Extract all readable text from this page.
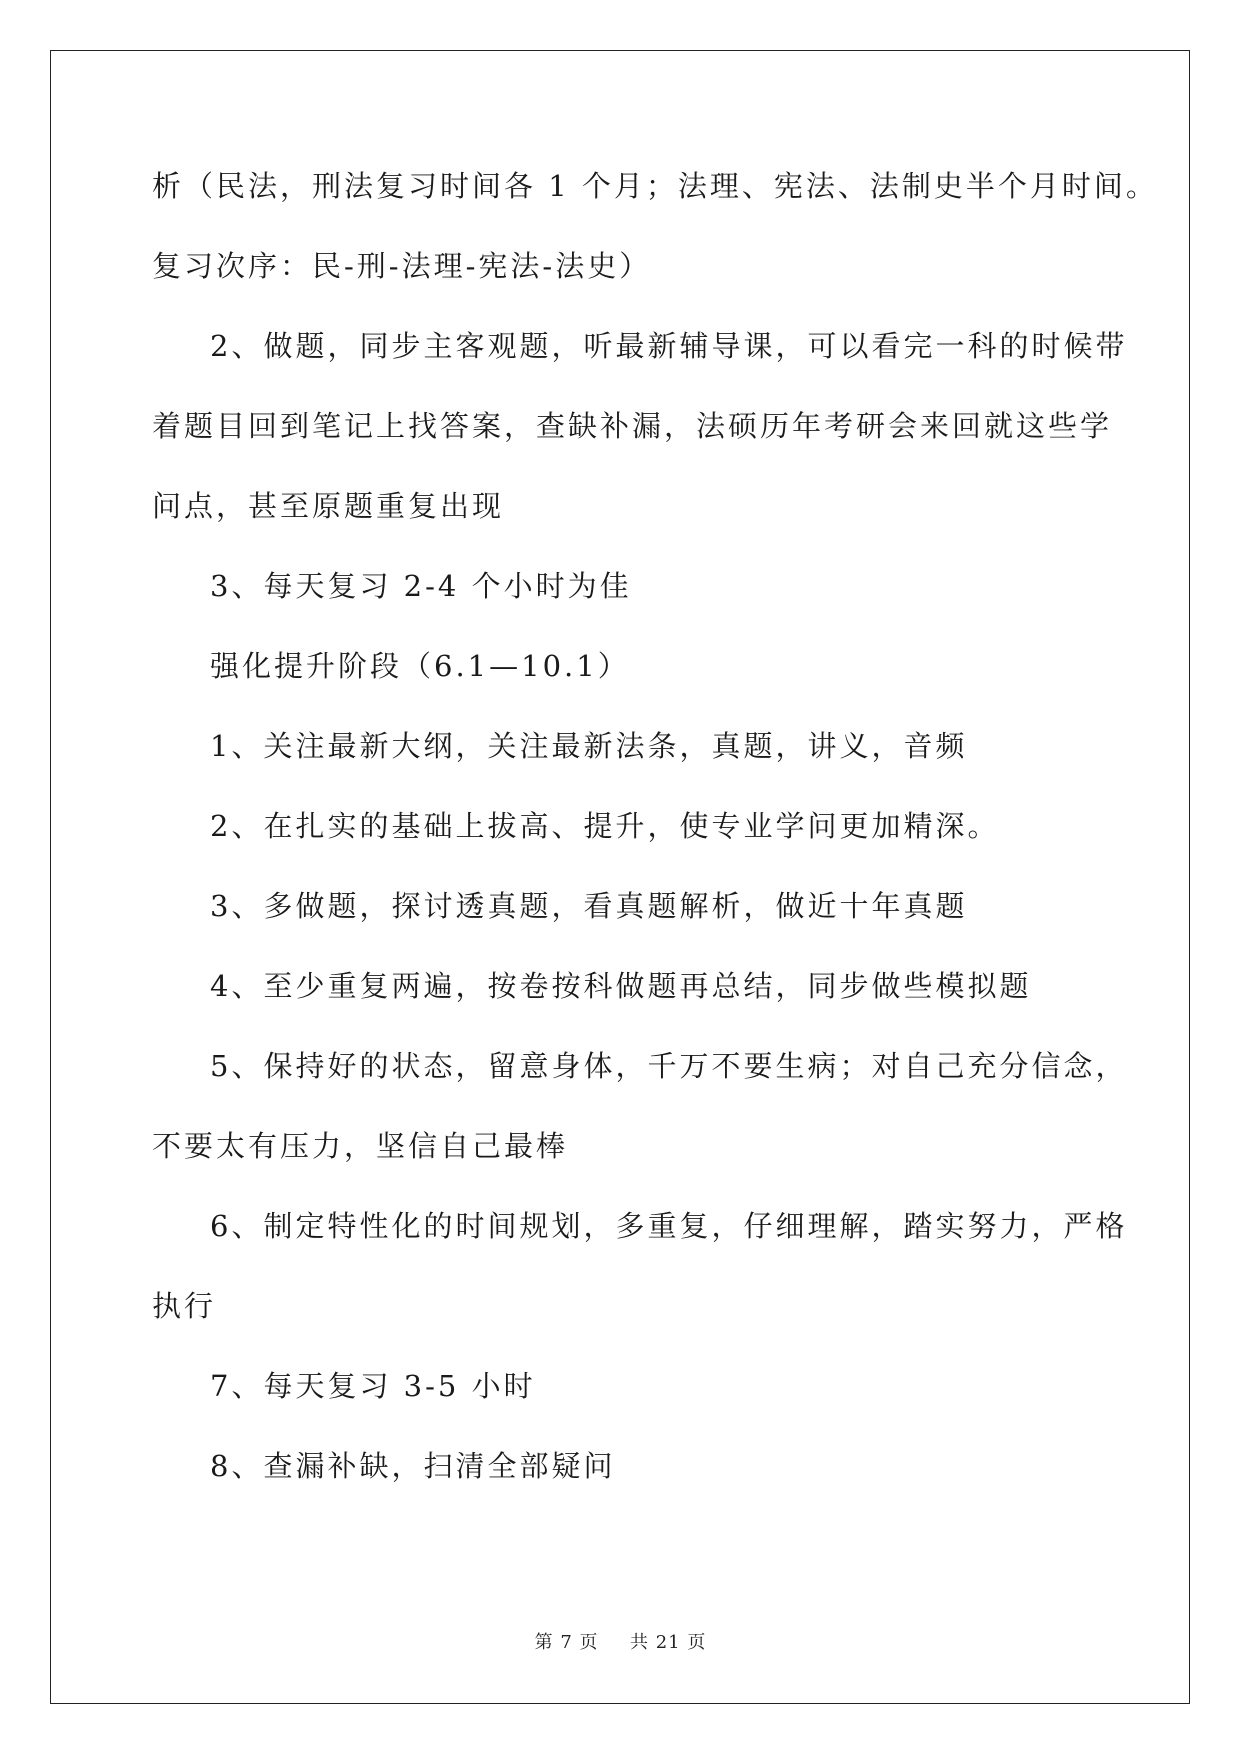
析（民法，刑法复习时间各 1 个月；法理、宪法、法制史半个月时间。
复习次序：民-刑-法理-宪法-法史）
2、做题，同步主客观题，听最新辅导课，可以看完一科的时候带
着题目回到笔记上找答案，查缺补漏，法硕历年考研会来回就这些学
问点，甚至原题重复出现
3、每天复习 2-4 个小时为佳
强化提升阶段（6.1—10.1）
1、关注最新大纲，关注最新法条，真题，讲义，音频
2、在扎实的基础上拔高、提升，使专业学问更加精深。
3、多做题，探讨透真题，看真题解析，做近十年真题
4、至少重复两遍，按卷按科做题再总结，同步做些模拟题
5、保持好的状态，留意身体，千万不要生病；对自己充分信念，
不要太有压力，坚信自己最棒
6、制定特性化的时间规划，多重复，仔细理解，踏实努力，严格
执行
7、每天复习 3-5 小时
8、查漏补缺，扫清全部疑问
第 7 页 共 21 页
